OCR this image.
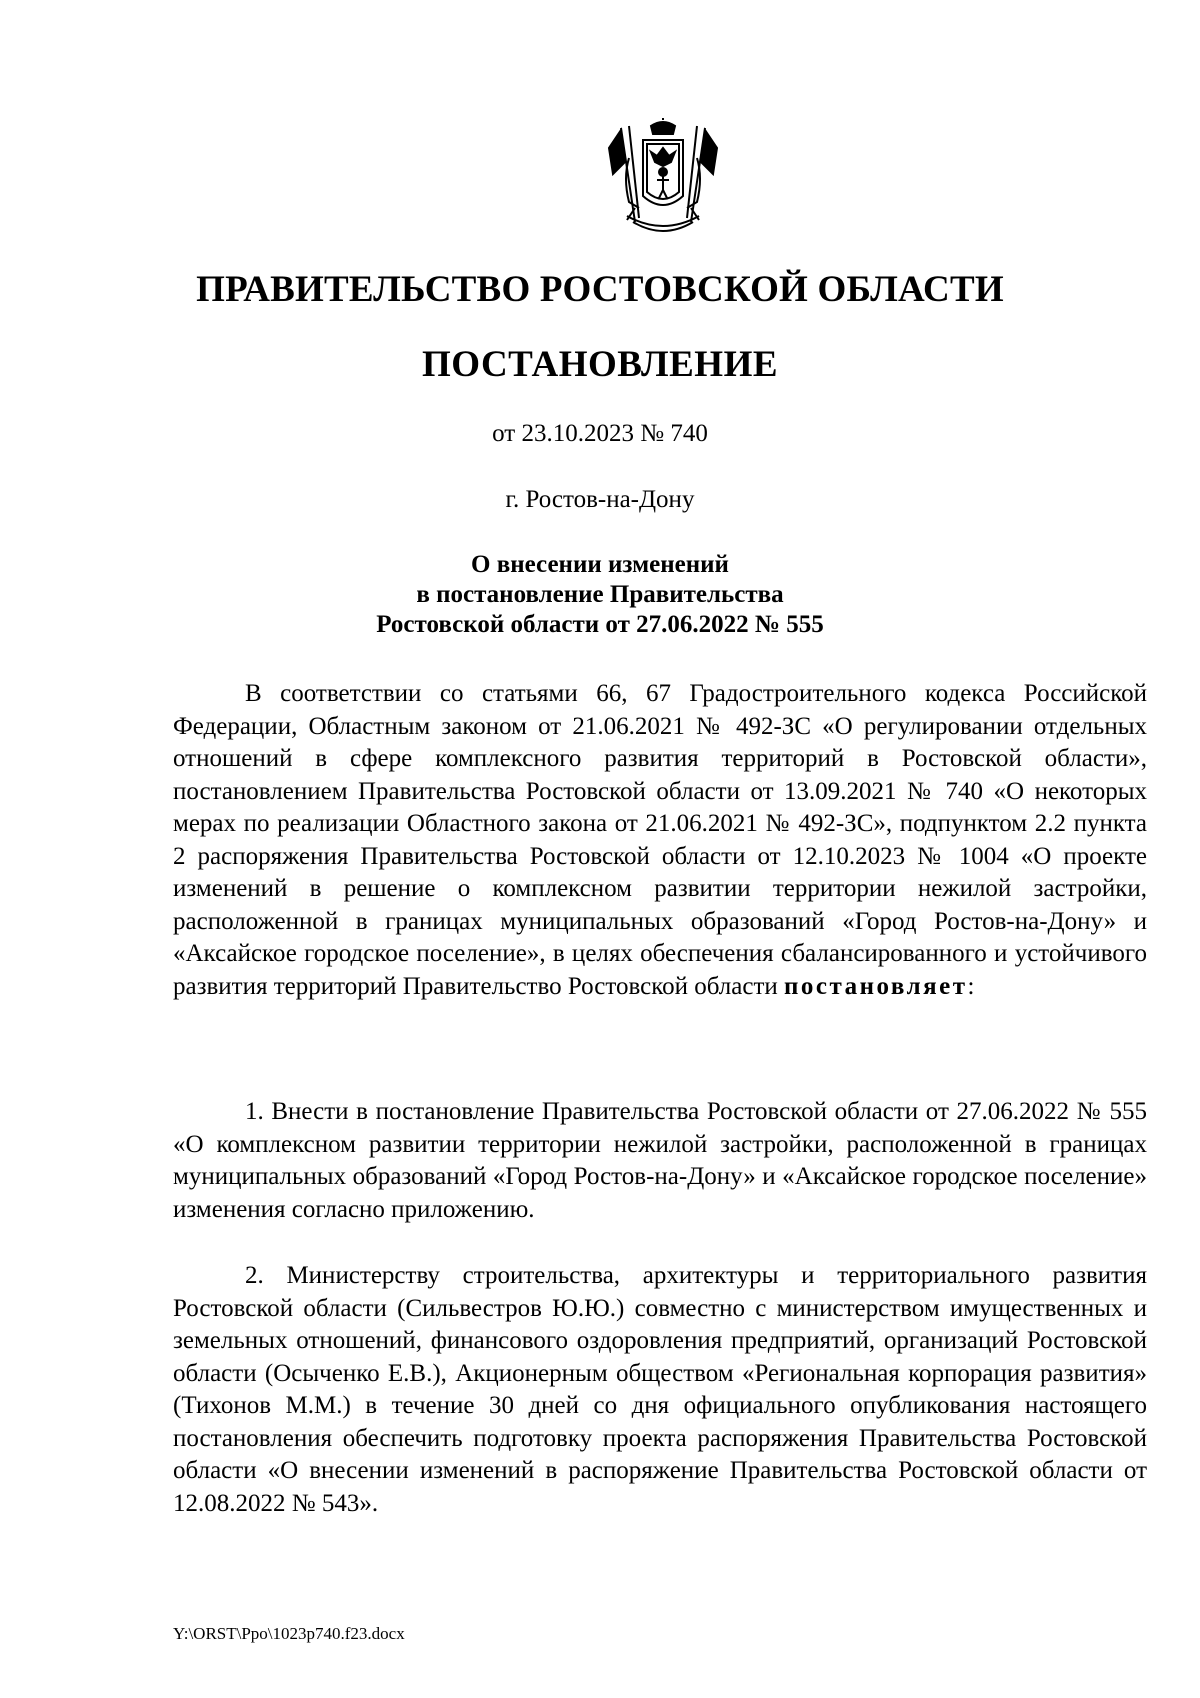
ПРАВИТЕЛЬСТВО РОСТОВСКОЙ ОБЛАСТИ
ПОСТАНОВЛЕНИЕ
от 23.10.2023 № 740
г. Ростов-на-Дону
О внесении изменений
в постановление Правительства
Ростовской области от 27.06.2022 № 555

В соответствии со статьями 66, 67 Градостроительного кодекса Российской Федерации, Областным законом от 21.06.2021 № 492-ЗС «О регулировании отдельных отношений в сфере комплексного развития территорий в Ростовской области», постановлением Правительства Ростовской области от 13.09.2021 № 740 «О некоторых мерах по реализации Областного закона от 21.06.2021 № 492-ЗС», подпунктом 2.2 пункта 2 распоряжения Правительства Ростовской области от 12.10.2023 № 1004 «О проекте изменений в решение о комплексном развитии территории нежилой застройки, расположенной в границах муниципальных образований «Город Ростов-на-Дону» и «Аксайское городское поселение», в целях обеспечения сбалансированного и устойчивого развития территорий Правительство Ростовской области постановляет:

1. Внести в постановление Правительства Ростовской области от 27.06.2022 № 555 «О комплексном развитии территории нежилой застройки, расположенной в границах муниципальных образований «Город Ростов-на-Дону» и «Аксайское городское поселение» изменения согласно приложению.

2. Министерству строительства, архитектуры и территориального развития Ростовской области (Сильвестров Ю.Ю.) совместно с министерством имущественных и земельных отношений, финансового оздоровления предприятий, организаций Ростовской области (Осыченко Е.В.), Акционерным обществом «Региональная корпорация развития» (Тихонов М.М.) в течение 30 дней со дня официального опубликования настоящего постановления обеспечить подготовку проекта распоряжения Правительства Ростовской области «О внесении изменений в распоряжение Правительства Ростовской области от 12.08.2022 № 543».

Y:\ORST\Ppo\1023p740.f23.docx
